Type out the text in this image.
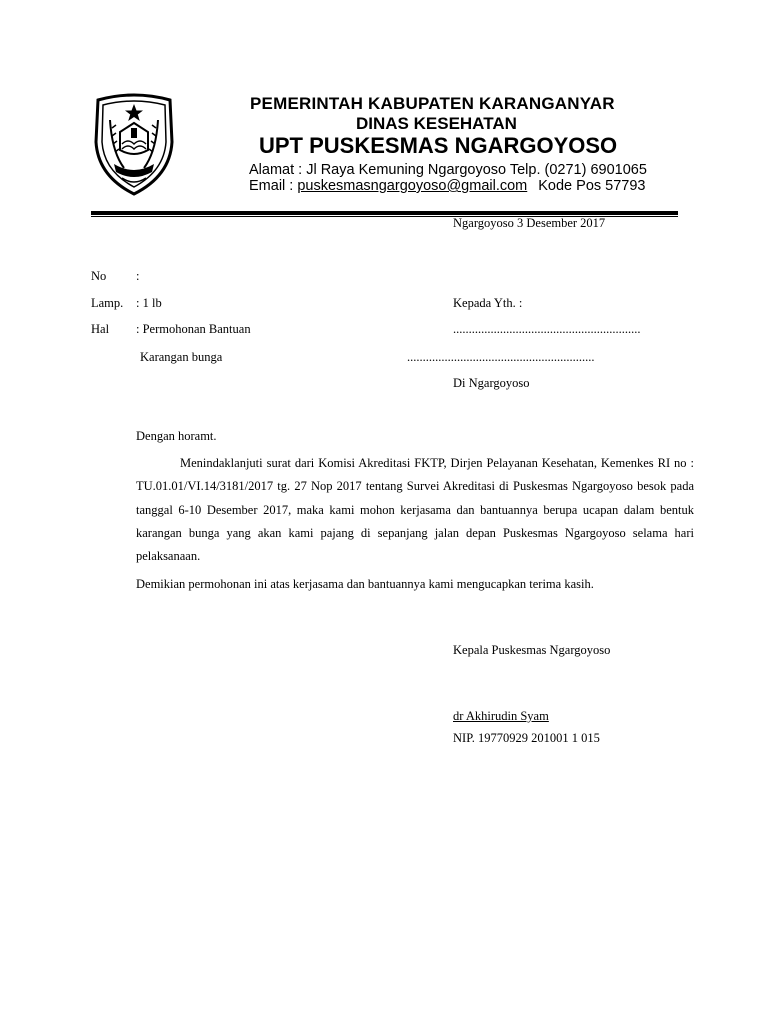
PEMERINTAH KABUPATEN KARANGANYAR
DINAS KESEHATAN
UPT PUSKESMAS NGARGOYOSO
Alamat : Jl Raya Kemuning Ngargoyoso Telp. (0271) 6901065
Email : puskesmasngargoyoso@gmail.com Kode Pos 57793
Ngargoyoso 3 Desember 2017
No :
Lamp. : 1 lb
Hal : Permohonan Bantuan
Karangan bunga
Kepada Yth. :
............................................................
............................................................
Di Ngargoyoso
Dengan horamt.
Menindaklanjuti surat dari Komisi Akreditasi FKTP, Dirjen Pelayanan Kesehatan, Kemenkes RI no : TU.01.01/VI.14/3181/2017 tg. 27 Nop 2017 tentang Survei Akreditasi di Puskesmas Ngargoyoso besok pada tanggal 6-10 Desember 2017, maka kami mohon kerjasama dan bantuannya berupa ucapan dalam bentuk karangan bunga yang akan kami pajang di sepanjang jalan depan Puskesmas Ngargoyoso selama hari pelaksanaan.
Demikian permohonan ini atas kerjasama dan bantuannya kami mengucapkan terima kasih.
Kepala Puskesmas Ngargoyoso
dr Akhirudin Syam
NIP. 19770929 201001 1 015
